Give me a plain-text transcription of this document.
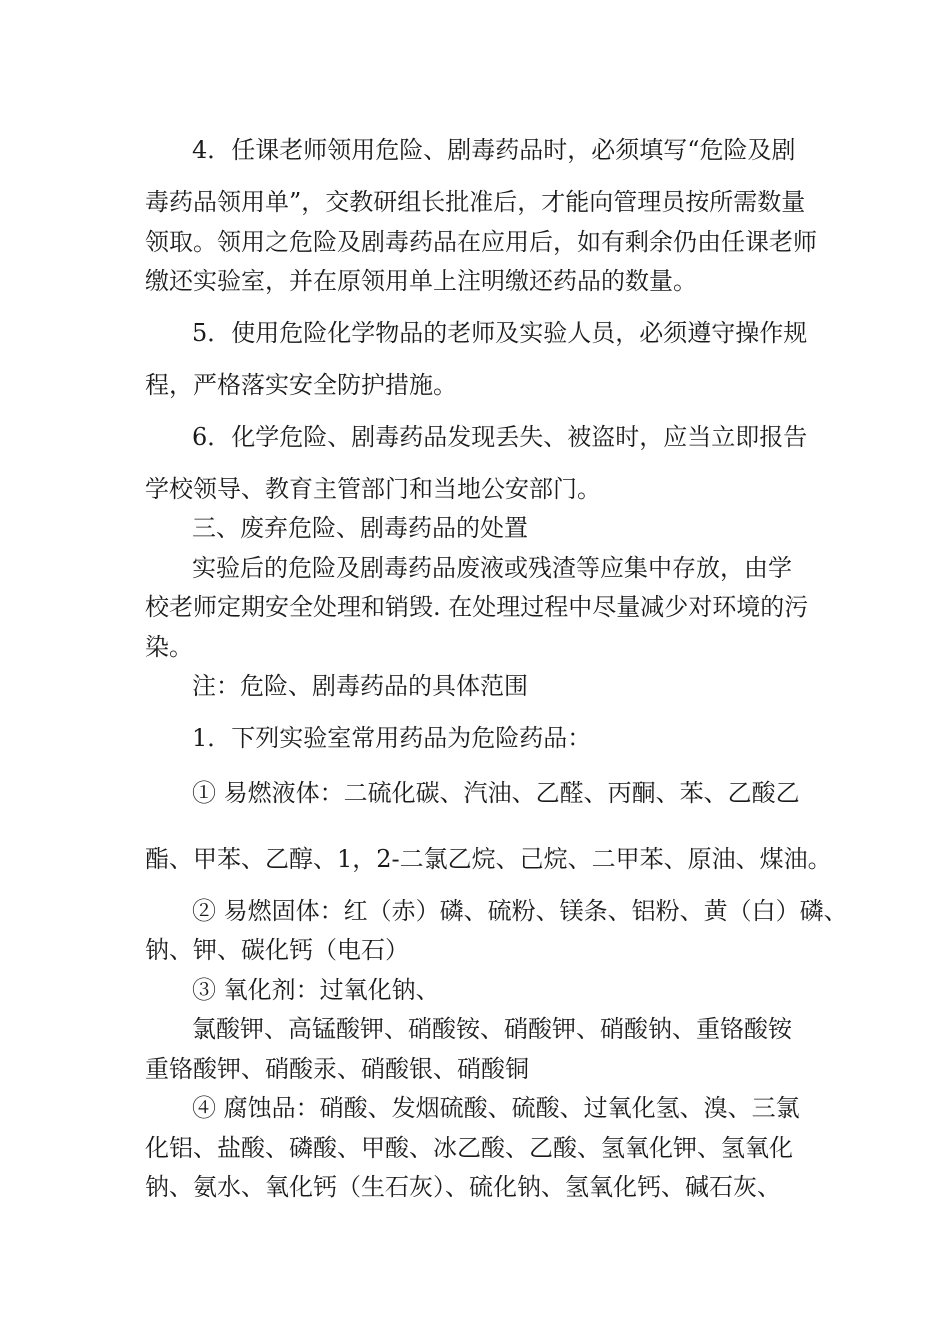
4．任课老师领用危险、剧毒药品时，必须填写“危险及剧
毒药品领用单”，交教研组长批准后，才能向管理员按所需数量
领取。领用之危险及剧毒药品在应用后，如有剩余仍由任课老师
缴还实验室，并在原领用单上注明缴还药品的数量。
5．使用危险化学物品的老师及实验人员，必须遵守操作规
程，严格落实安全防护措施。
6．化学危险、剧毒药品发现丢失、被盗时，应当立即报告
学校领导、教育主管部门和当地公安部门。
三、废弃危险、剧毒药品的处置
实验后的危险及剧毒药品废液或残渣等应集中存放，由学
校老师定期安全处理和销毁. 在处理过程中尽量减少对环境的污
染。
注：危险、剧毒药品的具体范围
1．下列实验室常用药品为危险药品：
① 易燃液体：二硫化碳、汽油、乙醛、丙酮、苯、乙酸乙
酯、甲苯、乙醇、1，2-二氯乙烷、己烷、二甲苯、原油、煤油。
② 易燃固体：红（赤）磷、硫粉、镁条、铝粉、黄（白）磷、
钠、钾、碳化钙（电石）
③ 氧化剂：过氧化钠、
氯酸钾、高锰酸钾、硝酸铵、硝酸钾、硝酸钠、重铬酸铵
重铬酸钾、硝酸汞、硝酸银、硝酸铜
④ 腐蚀品：硝酸、发烟硫酸、硫酸、过氧化氢、溴、三氯
化铝、盐酸、磷酸、甲酸、冰乙酸、乙酸、氢氧化钾、氢氧化
钠、氨水、氧化钙（生石灰）、硫化钠、氢氧化钙、碱石灰、
